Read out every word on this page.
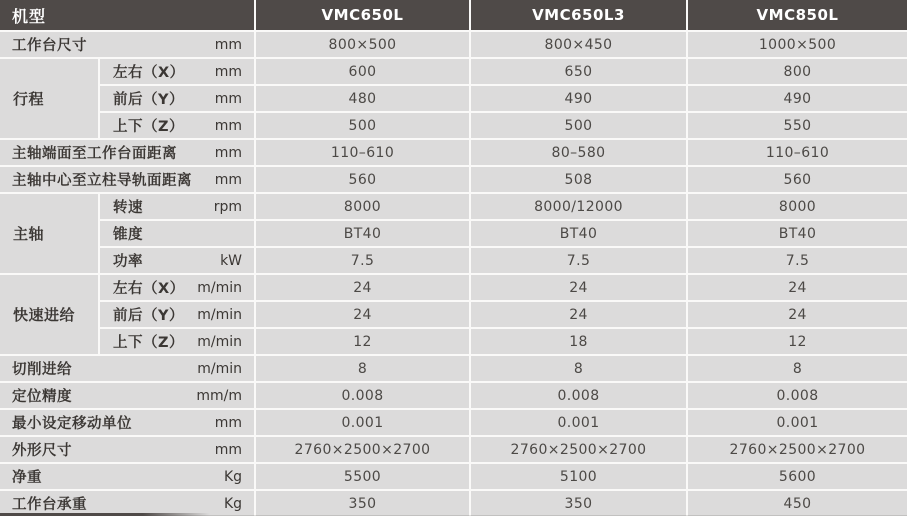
机型		VMC650L	VMC650L3	VMC850L

工作台尺寸 mm		800×500	800×450	1000×500
行程	左右（X） mm	600	650	800

	前后（Y） mm	480	490	490

	上下（Z） mm	500	500	550

主轴端面至工作台面距离 mm		110–610	80–580	110–610

主轴中心至立柱导轨面距离 mm		560	508	560
主轴	转速 rpm	8000	8000/12000	8000

	锥度	BT40	BT40	BT40

	功率 kW	7.5	7.5	7.5
快速进给	左右（X） m/min	24	24	24

	前后（Y） m/min	24	24	24

	上下（Z） m/min	12	18	12

切削进给 m/min		8	8	8

定位精度 mm/m		0.008	0.008	0.008

最小设定移动单位 mm		0.001	0.001	0.001

外形尺寸 mm		2760×2500×2700	2760×2500×2700	2760×2500×2700

净重 Kg		5500	5100	5600

工作台承重 Kg		350	350	450
